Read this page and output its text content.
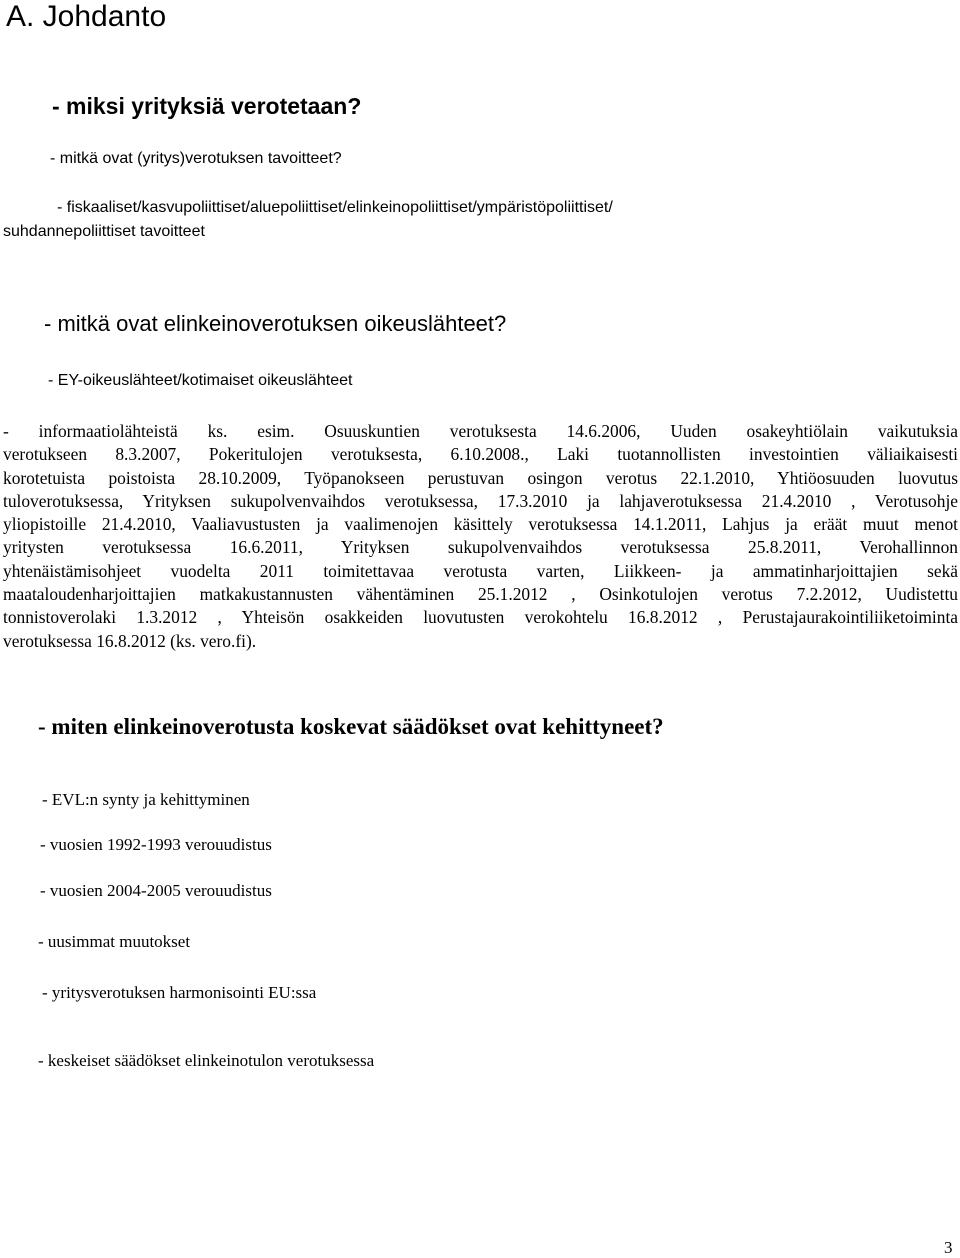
A. Johdanto
- miksi yrityksiä verotetaan?
- mitkä ovat (yritys)verotuksen tavoitteet?
- fiskaaliset/kasvupoliittiset/aluepoliittiset/elinkeinopoliittiset/ympäristöpoliittiset/
suhdannepoliittiset tavoitteet
- mitkä ovat elinkeinoverotuksen oikeuslähteet?
- EY-oikeuslähteet/kotimaiset oikeuslähteet
- informaatiolähteistä ks. esim. Osuuskuntien verotuksesta 14.6.2006, Uuden osakeyhtiölain vaikutuksia
verotukseen 8.3.2007, Pokeritulojen verotuksesta, 6.10.2008., Laki tuotannollisten investointien väliaikaisesti
korotetuista poistoista 28.10.2009, Työpanokseen perustuvan osingon verotus 22.1.2010, Yhtiöosuuden luovutus
tuloverotuksessa, Yrityksen sukupolvenvaihdos verotuksessa, 17.3.2010 ja lahjaverotuksessa 21.4.2010 , Verotusohje
yliopistoille 21.4.2010, Vaaliavustusten ja vaalimenojen käsittely verotuksessa 14.1.2011, Lahjus ja eräät muut menot
yritysten verotuksessa 16.6.2011, Yrityksen sukupolvenvaihdos verotuksessa 25.8.2011, Verohallinnon
yhtenäistämisohjeet vuodelta 2011 toimitettavaa verotusta varten, Liikkeen- ja ammatinharjoittajien sekä
maataloudenharjoittajien matkakustannusten vähentäminen 25.1.2012 , Osinkotulojen verotus 7.2.2012, Uudistettu
tonnistoverolaki 1.3.2012 , Yhteisön osakkeiden luovutusten verokohtelu 16.8.2012 , Perustajaurakointiliiketoiminta
verotuksessa 16.8.2012 (ks. vero.fi).
- miten elinkeinoverotusta koskevat säädökset ovat kehittyneet?
- EVL:n synty ja kehittyminen
- vuosien 1992-1993 verouudistus
- vuosien 2004-2005 verouudistus
- uusimmat muutokset
- yritysverotuksen harmonisointi EU:ssa
- keskeiset säädökset elinkeinotulon verotuksessa
3
